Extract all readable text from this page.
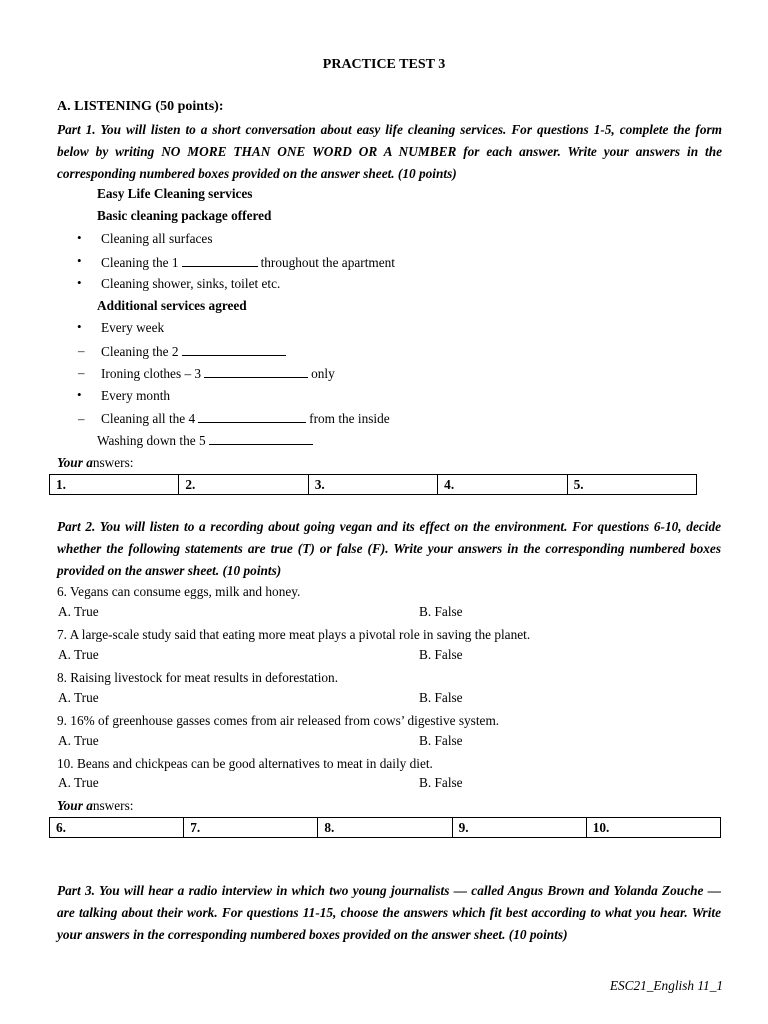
PRACTICE TEST 3
A. LISTENING (50 points):
Part 1. You will listen to a short conversation about easy life cleaning services. For questions 1-5, complete the form below by writing NO MORE THAN ONE WORD OR A NUMBER for each answer. Write your answers in the corresponding numbered boxes provided on the answer sheet. (10 points)
Easy Life Cleaning services
Basic cleaning package offered
• Cleaning all surfaces
• Cleaning the 1	throughout the apartment
• Cleaning shower, sinks, toilet etc.
Additional services agreed
• Every week
– Cleaning the 2
– Ironing clothes – 3	only
• Every month
– Cleaning all the 4	from the inside
Washing down the 5
Your answers:
1.	2.	3.	4.	5.
Part 2. You will listen to a recording about going vegan and its effect on the environment. For questions 6-10, decide whether the following statements are true (T) or false (F). Write your answers in the corresponding numbered boxes provided on the answer sheet. (10 points)
6. Vegans can consume eggs, milk and honey.
A. True	B. False
7. A large-scale study said that eating more meat plays a pivotal role in saving the planet.
A. True	B. False
8. Raising livestock for meat results in deforestation.
A. True	B. False
9. 16% of greenhouse gasses comes from air released from cows’ digestive system.
A. True	B. False
10. Beans and chickpeas can be good alternatives to meat in daily diet.
A. True	B. False
Your answers:
6.	7.	8.	9.	10.
Part 3. You will hear a radio interview in which two young journalists — called Angus Brown and Yolanda Zouche — are talking about their work. For questions 11-15, choose the answers which fit best according to what you hear. Write your answers in the corresponding numbered boxes provided on the answer sheet. (10 points)
ESC21_English 11_1
